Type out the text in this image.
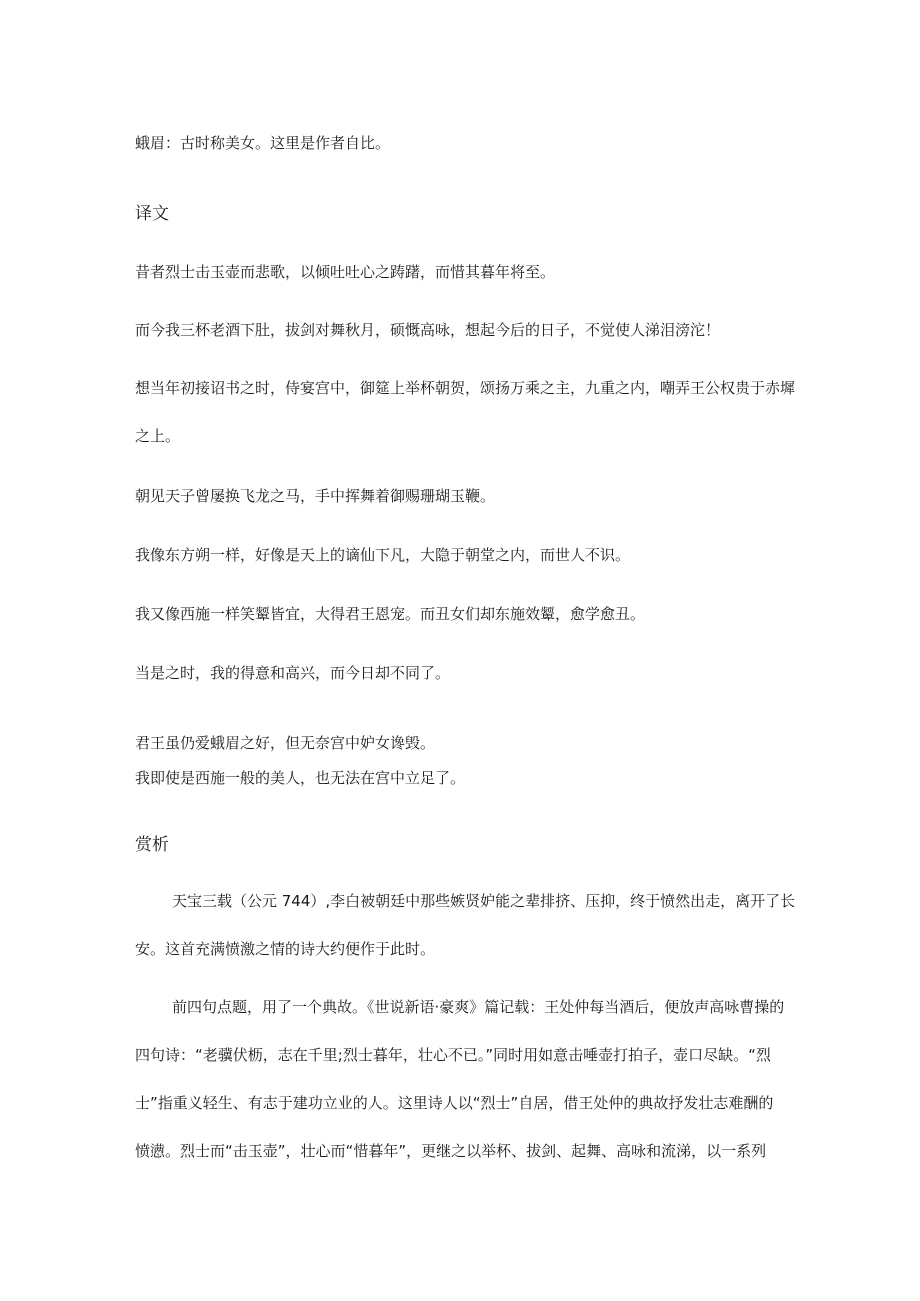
蛾眉：古时称美女。这里是作者自比。

译文

昔者烈士击玉壶而悲歌，以倾吐吐心之踌躇，而惜其暮年将至。

而今我三杯老酒下肚，拔剑对舞秋月，硕慨高咏，想起今后的日子，不觉使人涕泪滂沱！

想当年初接诏书之时，侍宴宫中，御筵上举杯朝贺，颂扬万乘之主，九重之内，嘲弄王公权贵于赤墀

之上。

朝见天子曾屡换飞龙之马，手中挥舞着御赐珊瑚玉鞭。

我像东方朔一样，好像是天上的谪仙下凡，大隐于朝堂之内，而世人不识。

我又像西施一样笑颦皆宜，大得君王恩宠。而丑女们却东施效颦，愈学愈丑。

当是之时，我的得意和高兴，而今日却不同了。

君王虽仍爱蛾眉之好，但无奈宫中妒女谗毁。

我即使是西施一般的美人，也无法在宫中立足了。

赏析

天宝三载（公元 744）,李白被朝廷中那些嫉贤妒能之辈排挤、压抑，终于愤然出走，离开了长

安。这首充满愤激之情的诗大约便作于此时。

前四句点题，用了一个典故。《世说新语·豪爽》篇记载：王处仲每当酒后，便放声高咏曹操的

四句诗：“老骥伏枥，志在千里;烈士暮年，壮心不已。”同时用如意击唾壶打拍子，壶口尽缺。“烈

士”指重义轻生、有志于建功立业的人。这里诗人以“烈士”自居，借王处仲的典故抒发壮志难酬的

愤懑。烈士而“击玉壶”，壮心而“惜暮年”，更继之以举杯、拔剑、起舞、高咏和流涕，以一系列
